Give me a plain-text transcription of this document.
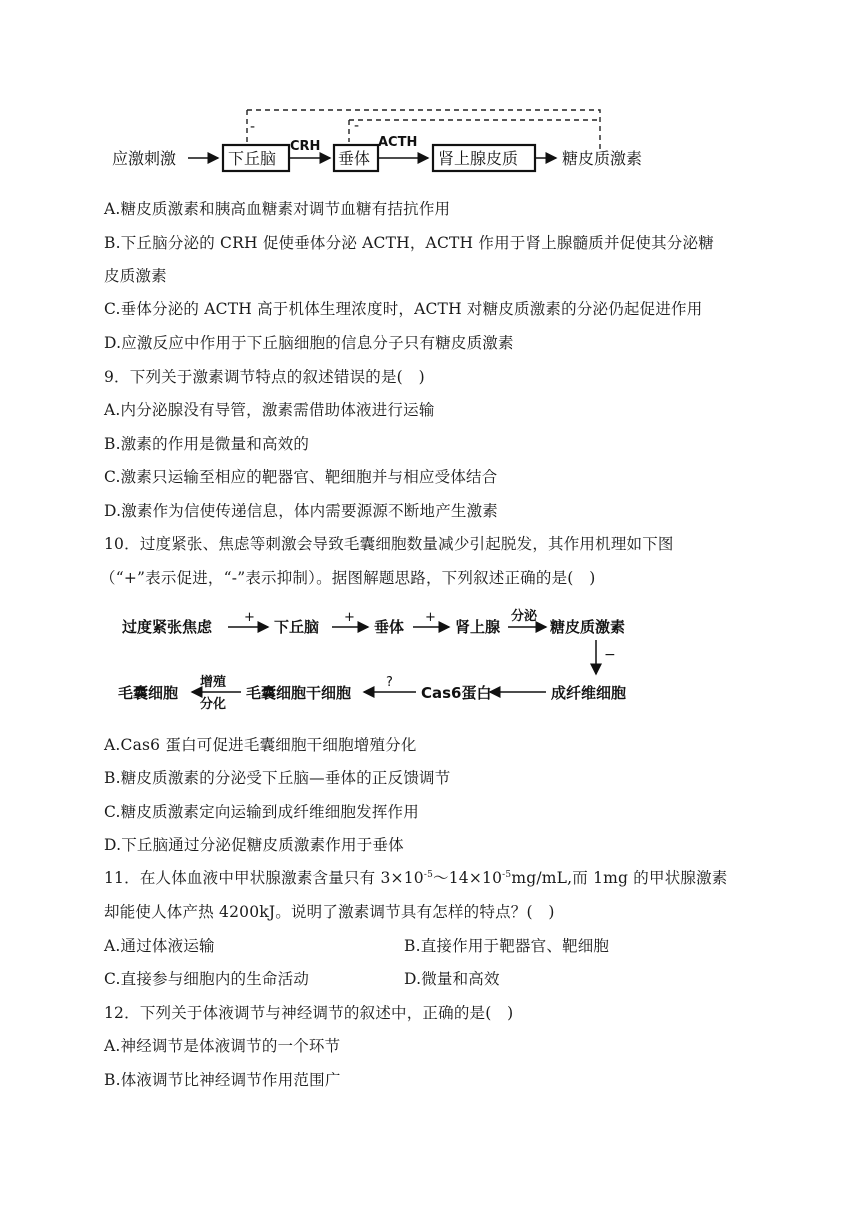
-	-
应激刺激	下丘脑
CRH
垂体
ACTH
肾上腺皮质	糖皮质激素
A.糖皮质激素和胰高血糖素对调节血糖有拮抗作用
B.下丘脑分泌的 CRH 促使垂体分泌 ACTH，ACTH 作用于肾上腺髓质并促使其分泌糖
皮质激素
C.垂体分泌的 ACTH 高于机体生理浓度时，ACTH 对糖皮质激素的分泌仍起促进作用
D.应激反应中作用于下丘脑细胞的信息分子只有糖皮质激素
9．下列关于激素调节特点的叙述错误的是(　)
A.内分泌腺没有导管，激素需借助体液进行运输
B.激素的作用是微量和高效的
C.激素只运输至相应的靶器官、靶细胞并与相应受体结合
D.激素作为信使传递信息，体内需要源源不断地产生激素
10．过度紧张、焦虑等刺激会导致毛囊细胞数量减少引起脱发，其作用机理如下图
（“+”表示促进，“-”表示抑制）。据图解题思路，下列叙述正确的是(　)
过度紧张焦虑
+
下丘脑
+
垂体
+
肾上腺
分泌
糖皮质激素
−
成纤维细胞
Cas6蛋白
?
毛囊细胞干细胞
增殖
分化
毛囊细胞
A.Cas6 蛋白可促进毛囊细胞干细胞增殖分化
B.糖皮质激素的分泌受下丘脑—垂体的正反馈调节
C.糖皮质激素定向运输到成纤维细胞发挥作用
D.下丘脑通过分泌促糖皮质激素作用于垂体
11．在人体血液中甲状腺激素含量只有 $3\times 10^{-5}\sim 14\times 10^{-5}mg/mL$,而 1mg 的甲状腺激素
却能使人体产热 4200kJ。说明了激素调节具有怎样的特点？(　)
A.通过体液运输	B.直接作用于靶器官、靶细胞
C.直接参与细胞内的生命活动	D.微量和高效
12．下列关于体液调节与神经调节的叙述中，正确的是(　)
A.神经调节是体液调节的一个环节
B.体液调节比神经调节作用范围广
